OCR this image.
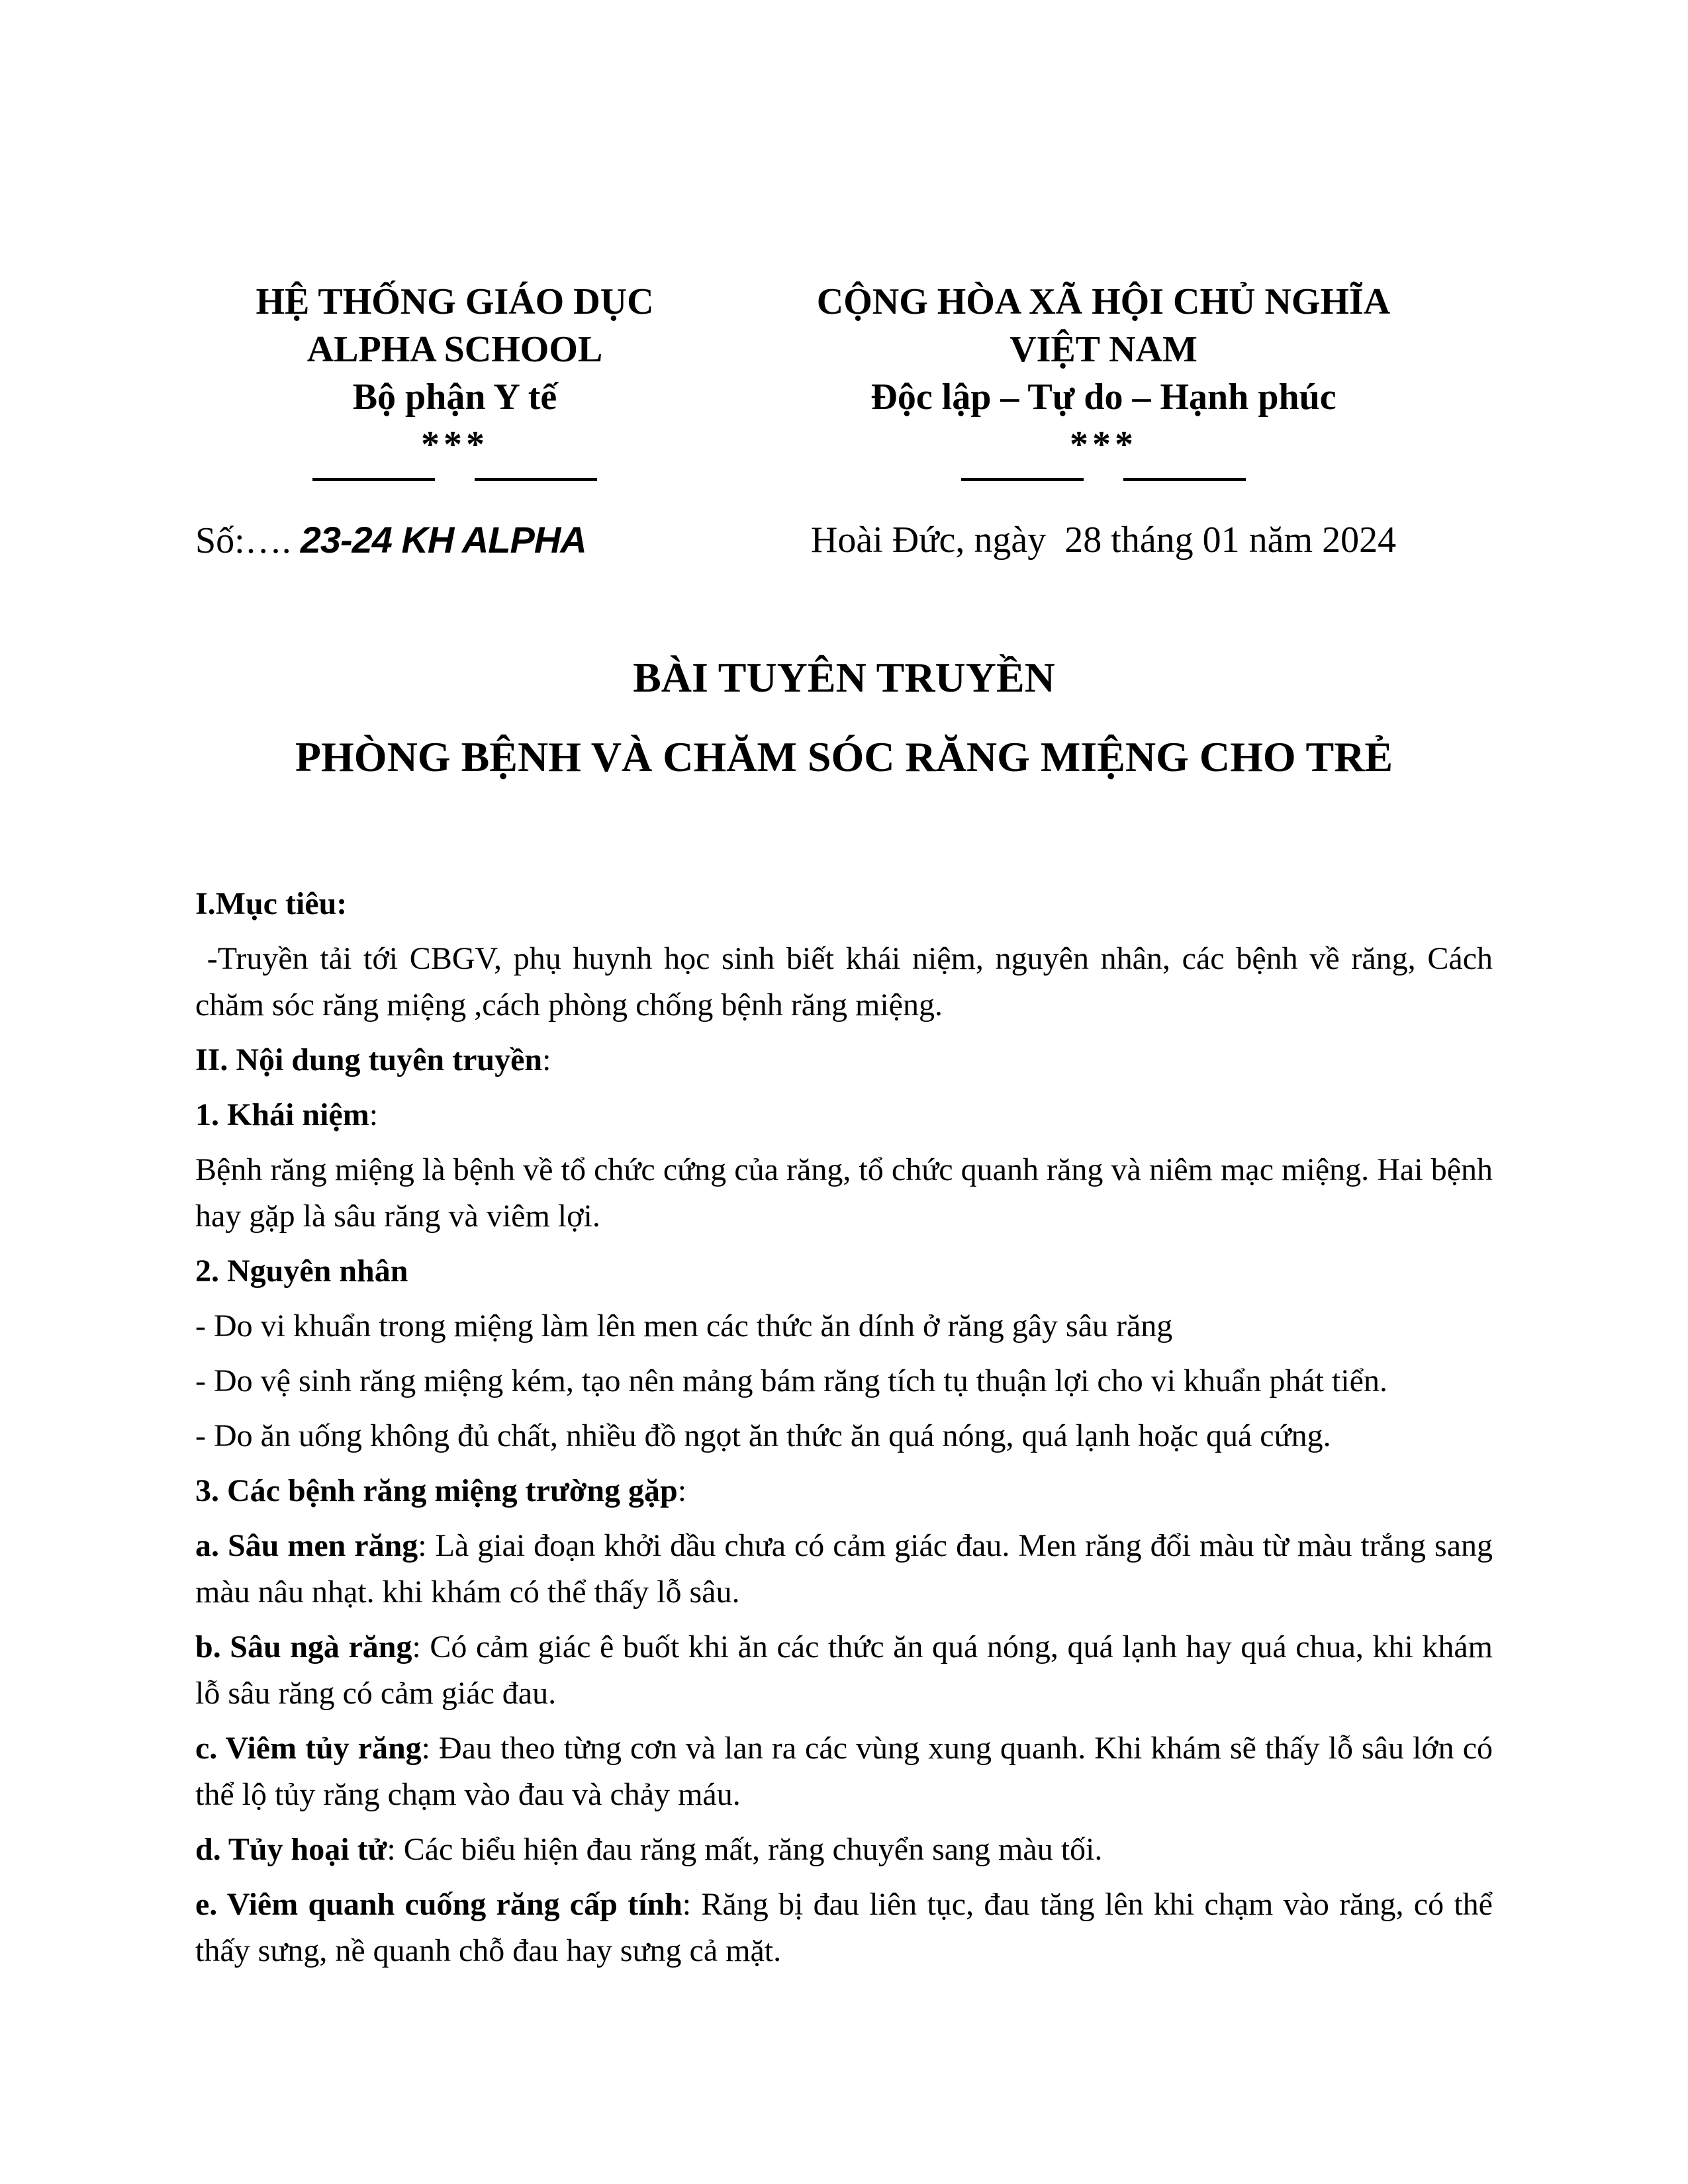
HỆ THỐNG GIÁO DỤC
ALPHA SCHOOL
Bộ phận Y tế
***
CỘNG HÒA XÃ HỘI CHỦ NGHĨA
VIỆT NAM
Độc lập – Tự do – Hạnh phúc
***
Số:…. 23-24 KH ALPHA	Hoài Đức, ngày  28 tháng 01 năm 2024
BÀI TUYÊN TRUYỀN
PHÒNG BỆNH VÀ CHĂM SÓC RĂNG MIỆNG CHO TRẺ

I.Mục tiêu:

-Truyền tải tới CBGV, phụ huynh học sinh biết khái niệm, nguyên nhân, các bệnh về răng, Cách chăm sóc răng miệng ,cách phòng chống bệnh răng miệng.

II. Nội dung tuyên truyền:

1. Khái niệm:

Bệnh răng miệng là bệnh về tổ chức cứng của răng, tổ chức quanh răng và niêm mạc miệng. Hai bệnh hay gặp là sâu răng và viêm lợi.

2. Nguyên nhân

- Do vi khuẩn trong miệng làm lên men các thức ăn dính ở răng gây sâu răng

- Do vệ sinh răng miệng kém, tạo nên mảng bám răng tích tụ thuận lợi cho vi khuẩn phát tiển.

- Do ăn uống không đủ chất, nhiều đồ ngọt ăn thức ăn quá nóng, quá lạnh hoặc quá cứng.

3. Các bệnh răng miệng trường gặp:

a. Sâu men răng: Là giai đoạn khởi dầu chưa có cảm giác đau. Men răng đổi màu từ màu trắng sang màu nâu nhạt. khi khám có thể thấy lỗ sâu.

b. Sâu ngà răng: Có cảm giác ê buốt khi ăn các thức ăn quá nóng, quá lạnh hay quá chua, khi khám lỗ sâu răng có cảm giác đau.

c. Viêm tủy răng: Đau theo từng cơn và lan ra các vùng xung quanh. Khi khám sẽ thấy lỗ sâu lớn có thể lộ tủy răng chạm vào đau và chảy máu.

d. Tủy hoại tử: Các biểu hiện đau răng mất, răng chuyển sang màu tối.

e. Viêm quanh cuống răng cấp tính: Răng bị đau liên tục, đau tăng lên khi chạm vào răng, có thể thấy sưng, nề quanh chỗ đau hay sưng cả mặt.
